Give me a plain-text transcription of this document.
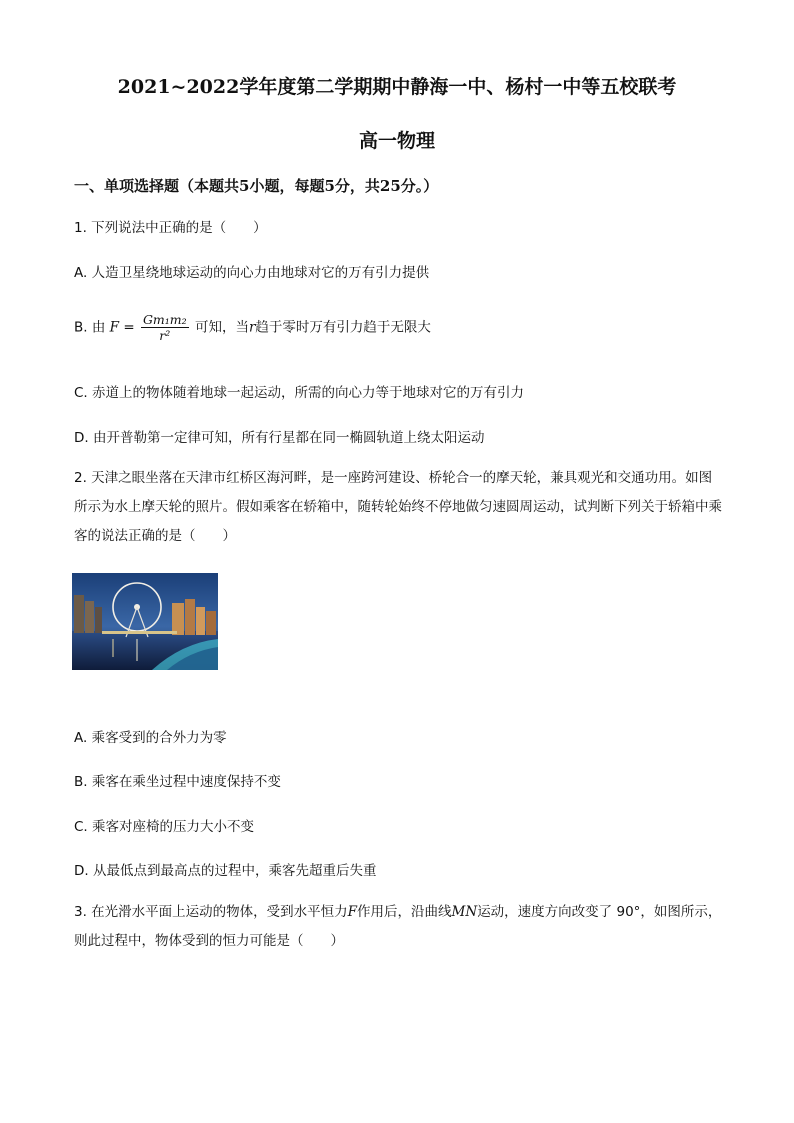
2021~2022学年度第二学期期中静海一中、杨村一中等五校联考
高一物理
一、单项选择题（本题共5小题，每题5分，共25分。）
1. 下列说法中正确的是（　　）
A. 人造卫星绕地球运动的向心力由地球对它的万有引力提供
B. 由 $F = \frac{\text{Gm₁m₂}}{\text{r²}}$ 可知，当r趋于零时万有引力趋于无限大
C. 赤道上的物体随着地球一起运动，所需的向心力等于地球对它的万有引力
D. 由开普勒第一定律可知，所有行星都在同一椭圆轨道上绕太阳运动
2. 天津之眼坐落在天津市红桥区海河畔，是一座跨河建设、桥轮合一的摩天轮，兼具观光和交通功用。如图所示为水上摩天轮的照片。假如乘客在轿箱中，随转轮始终不停地做匀速圆周运动，试判断下列关于轿箱中乘客的说法正确的是（　　）
A. 乘客受到的合外力为零
B. 乘客在乘坐过程中速度保持不变
C. 乘客对座椅的压力大小不变
D. 从最低点到最高点的过程中，乘客先超重后失重
3. 在光滑水平面上运动的物体，受到水平恒力F作用后，沿曲线MN运动，速度方向改变了 90°，如图所示，则此过程中，物体受到的恒力可能是（　　）
